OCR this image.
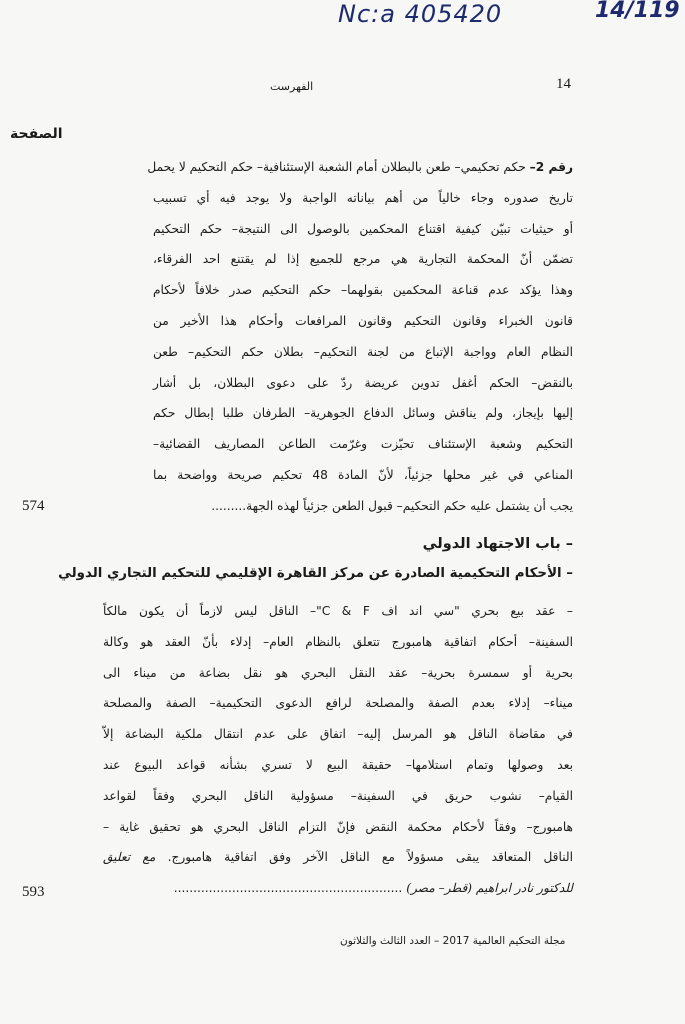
Nc:a 405420	14/119
14
الفهرست
الصفحة
رقم 2– حكم تحكيمي– طعن بالبطلان أمام الشعبة الإستئنافية– حكم التحكيم لا يحمل
تاريخ صدوره وجاء خالياً من أهم بياناته الواجبة ولا يوجد فيه أي تسبيب
أو حيثيات تبيّن كيفية اقتناع المحكمين بالوصول الى النتيجة– حكم التحكيم
تضمّن أنّ المحكمة التجارية هي مرجع للجميع إذا لم يقتنع احد الفرقاء،
وهذا يؤكد عدم قناعة المحكمين بقولهما– حكم التحكيم صدر خلافاً لأحكام
قانون الخبراء وقانون التحكيم وقانون المرافعات وأحكام هذا الأخير من
النظام العام وواجبة الإتباع من لجنة التحكيم– بطلان حكم التحكيم– طعن
بالنقض– الحكم أغفل تدوين عريضة ردّ على دعوى البطلان، بل أشار
إليها بإيجاز، ولم يناقش وسائل الدفاع الجوهرية– الطرفان طلبا إبطال حكم
التحكيم وشعبة الإستئناف تحيّزت وغرّمت الطاعن المصاريف القضائية–
المناعي في غير محلها جزئياً، لأنّ المادة 48 تحكيم صريحة وواضحة بما
يجب أن يشتمل عليه حكم التحكيم– قبول الطعن جزئياً لهذه الجهة.........
574
– باب الاجتهاد الدولي
– الأحكام التحكيمية الصادرة عن مركز القاهرة الإقليمي للتحكيم التجاري الدولي
– عقد بيع بحري "سي اند اف C & F"– الناقل ليس لازماً أن يكون مالكاً
السفينة– أحكام اتفاقية هامبورج تتعلق بالنظام العام– إدلاء بأنّ العقد هو وكالة
بحرية أو سمسرة بحرية– عقد النقل البحري هو نقل بضاعة من ميناء الى
ميناء– إدلاء بعدم الصفة والمصلحة لرافع الدعوى التحكيمية– الصفة والمصلحة
في مقاضاة الناقل هو المرسل إليه– اتفاق على عدم انتقال ملكية البضاعة إلاّ
بعد وصولها وتمام استلامها– حقيقة البيع لا تسري بشأنه قواعد البيوع عند
القيام– نشوب حريق في السفينة– مسؤولية الناقل البحري وفقاً لقواعد
هامبورج– وفقاً لأحكام محكمة النقض فإنّ التزام الناقل البحري هو تحقيق غاية –
الناقل المتعاقد يبقى مسؤولاً مع الناقل الآخر وفق اتفاقية هامبورج. مع تعليق
للدكتور نادر ابراهيم (قطر– مصر) ...........................................................
593
مجلة التحكيم العالمية 2017 – العدد الثالث والثلاثون
